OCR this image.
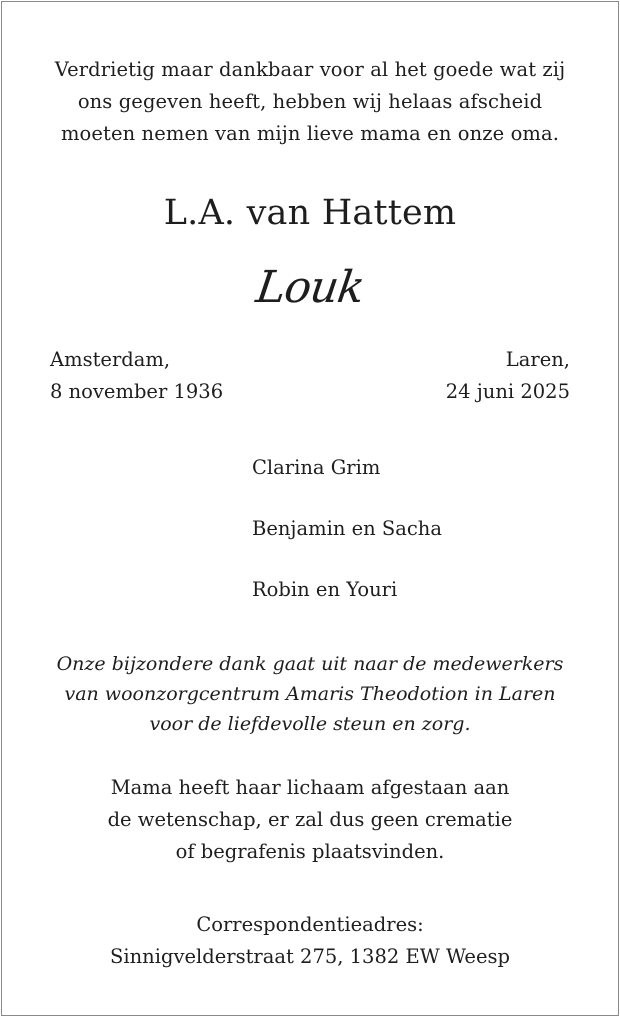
Verdrietig maar dankbaar voor al het goede wat zij
ons gegeven heeft, hebben wij helaas afscheid
moeten nemen van mijn lieve mama en onze oma.
L.A. van Hattem
Louk
Amsterdam,
8 november 1936
Laren,
24 juni 2025
Clarina Grim
Benjamin en Sacha
Robin en Youri
Onze bijzondere dank gaat uit naar de medewerkers
van woonzorgcentrum Amaris Theodotion in Laren
voor de liefdevolle steun en zorg.
Mama heeft haar lichaam afgestaan aan
de wetenschap, er zal dus geen crematie
of begrafenis plaatsvinden.
Correspondentieadres:
Sinnigvelderstraat 275, 1382 EW Weesp
